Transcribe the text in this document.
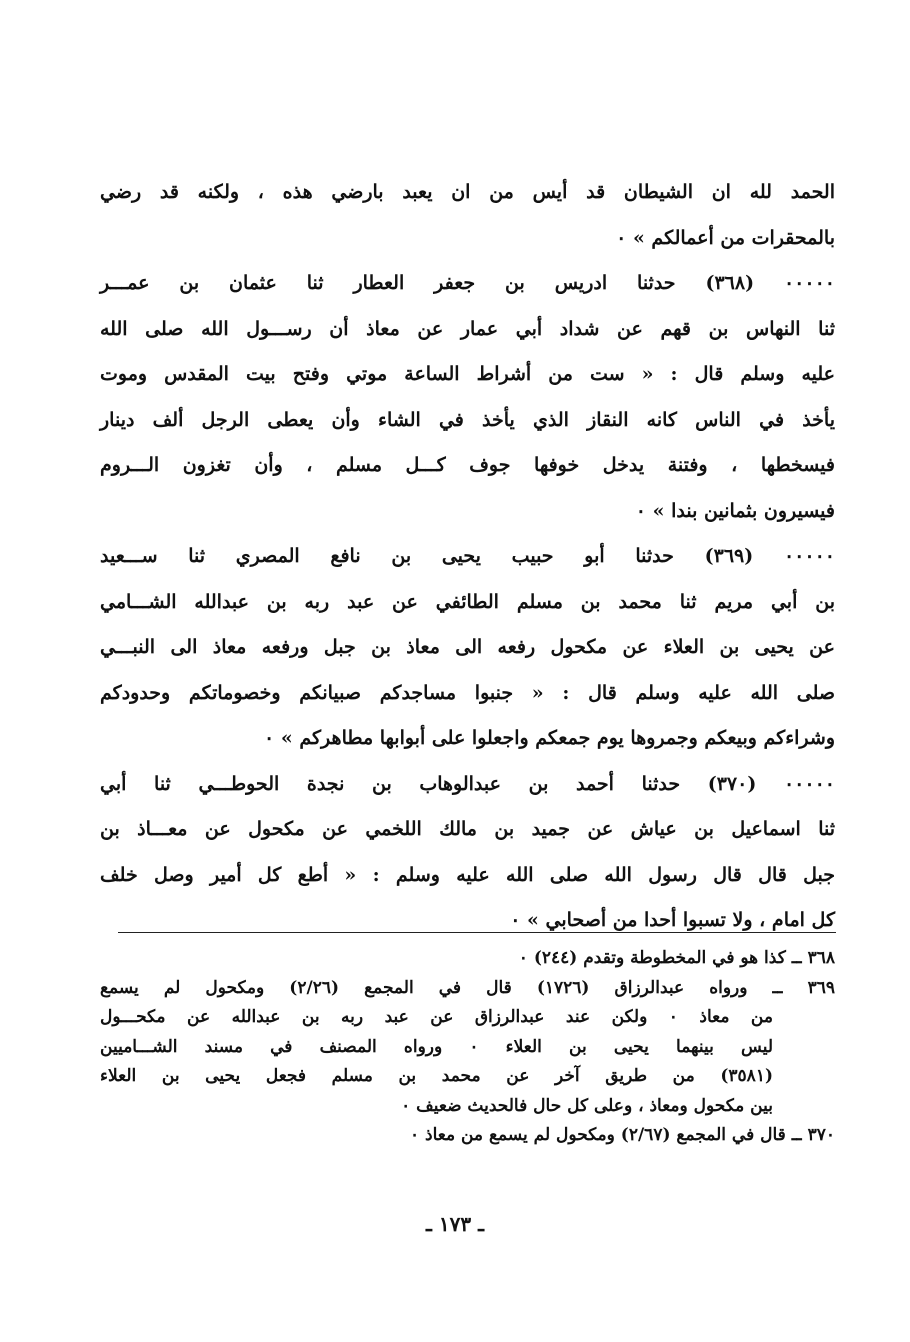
الحمد لله ان الشيطان قد أيس من ان يعبد بارضي هذه ، ولكنه قد رضي
بالمحقرات من أعمالكم » ٠
٠٠٠٠٠ (٣٦٨) حدثنا ادريس بن جعفر العطار ثنا عثمان بن عمـــر
ثنا النهاس بن قهم عن شداد أبي عمار عن معاذ أن رســـول الله صلى الله
عليه وسلم قال : « ست من أشراط الساعة موتي وفتح بيت المقدس وموت
يأخذ في الناس كانه النقاز الذي يأخذ في الشاء وأن يعطى الرجل ألف دينار
فيسخطها ، وفتنة يدخل خوفها جوف كـــل مسلم ، وأن تغزون الـــروم
فيسيرون بثمانين بندا » ٠
٠٠٠٠٠ (٣٦٩) حدثنا أبو حبيب يحيى بن نافع المصري ثنا ســـعيد
بن أبي مريم ثنا محمد بن مسلم الطائفي عن عبد ربه بن عبدالله الشـــامي
عن يحيى بن العلاء عن مكحول رفعه الى معاذ بن جبل ورفعه معاذ الى النبـــي
صلى الله عليه وسلم قال : « جنبوا مساجدكم صبيانكم وخصوماتكم وحدودكم
وشراءكم وبيعكم وجمروها يوم جمعكم واجعلوا على أبوابها مطاهركم » ٠
٠٠٠٠٠ (٣٧٠) حدثنا أحمد بن عبدالوهاب بن نجدة الحوطـــي ثنا أبي
ثنا اسماعيل بن عياش عن جميد بن مالك اللخمي عن مكحول عن معـــاذ بن
جبل قال قال رسول الله صلى الله عليه وسلم : « أطع كل أمير وصل خلف
كل امام ، ولا تسبوا أحدا من أصحابي » ٠
٣٦٨ ــ كذا هو في المخطوطة وتقدم (٢٤٤) ٠
٣٦٩ ــ ورواه عبدالرزاق (١٧٢٦) قال في المجمع (٢/٢٦) ومكحول لم يسمع
من معاذ ٠ ولكن عند عبدالرزاق عن عبد ربه بن عبدالله عن مكحـــول
ليس بينهما يحيى بن العلاء ٠ ورواه المصنف في مسند الشـــاميين
(٣٥٨١) من طريق آخر عن محمد بن مسلم فجعل يحيى بن العلاء
بين مكحول ومعاذ ، وعلى كل حال فالحديث ضعيف ٠
٣٧٠ ــ قال في المجمع (٢/٦٧) ومكحول لم يسمع من معاذ ٠
ـ ١٧٣ ـ
